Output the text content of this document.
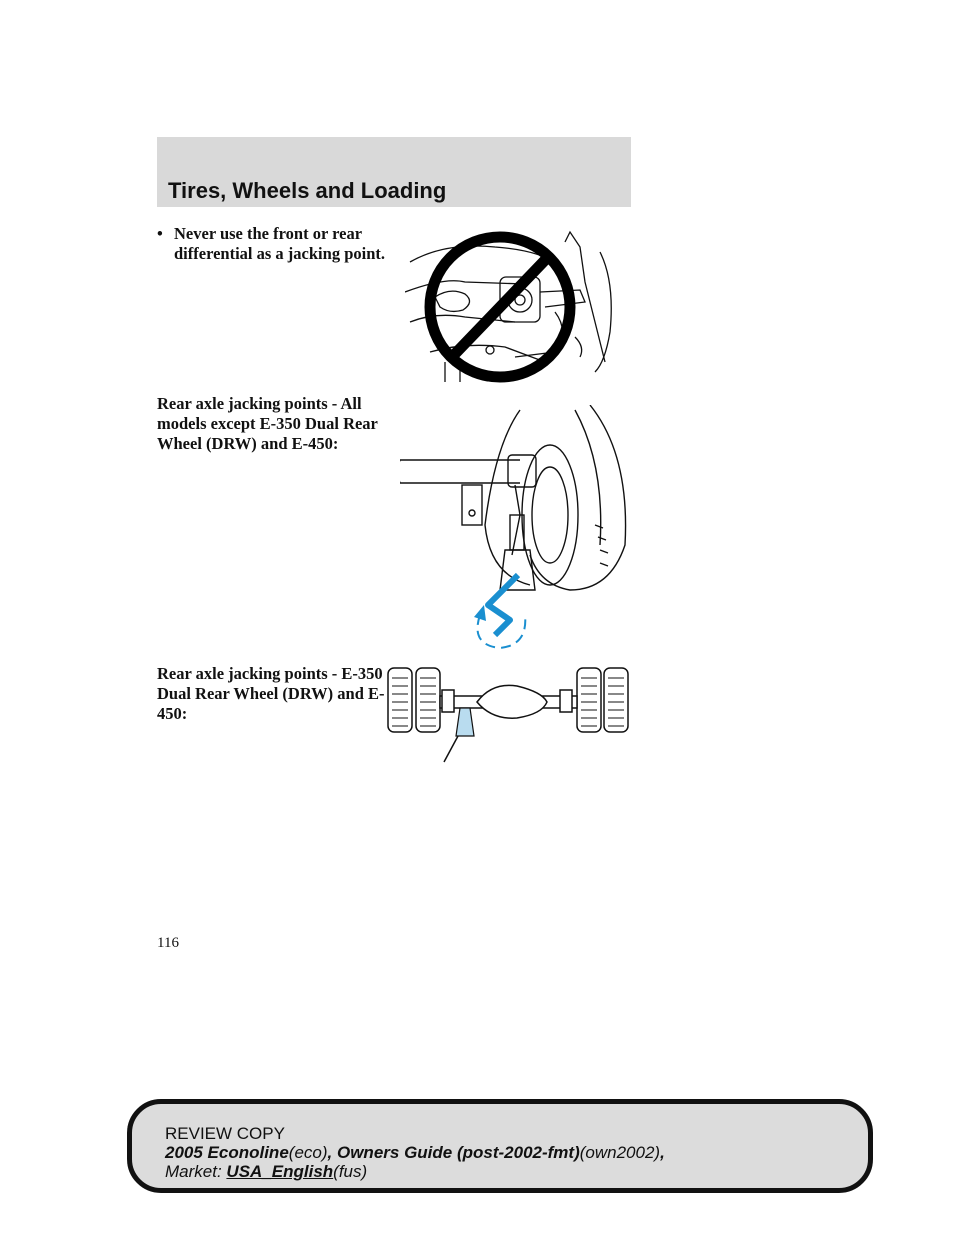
Tires, Wheels and Loading
• Never use the front or rear differential as a jacking point.
Rear axle jacking points - All models except E-350 Dual Rear Wheel (DRW) and E-450:
Rear axle jacking points - E-350 Dual Rear Wheel (DRW) and E-450:
116
REVIEW COPY
2005 Econoline(eco), Owners Guide (post-2002-fmt)(own2002),
Market: USA_English(fus)
